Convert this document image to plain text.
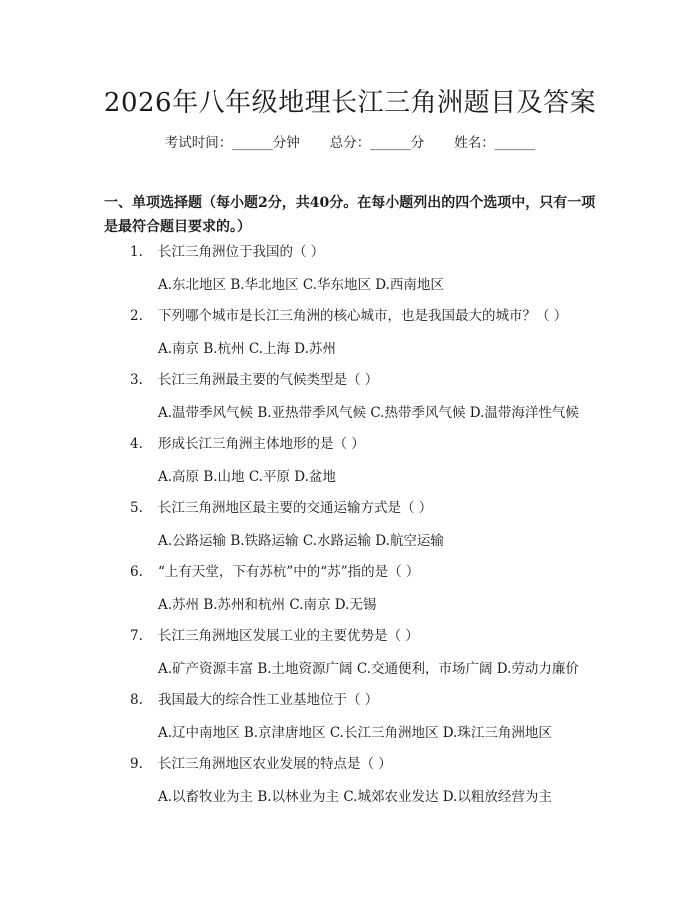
2026年八年级地理长江三角洲题目及答案
考试时间：______分钟 总分：______分 姓名：______

一、单项选择题（每小题2分，共40分。在每小题列出的四个选项中，只有一项是最符合题目要求的。）

1. 长江三角洲位于我国的（ ）
A.东北地区 B.华北地区 C.华东地区 D.西南地区
2. 下列哪个城市是长江三角洲的核心城市，也是我国最大的城市？（ ）
A.南京 B.杭州 C.上海 D.苏州
3. 长江三角洲最主要的气候类型是（ ）
A.温带季风气候 B.亚热带季风气候 C.热带季风气候 D.温带海洋性气候
4. 形成长江三角洲主体地形的是（ ）
A.高原 B.山地 C.平原 D.盆地
5. 长江三角洲地区最主要的交通运输方式是（ ）
A.公路运输 B.铁路运输 C.水路运输 D.航空运输
6. “上有天堂，下有苏杭”中的“苏”指的是（ ）
A.苏州 B.苏州和杭州 C.南京 D.无锡
7. 长江三角洲地区发展工业的主要优势是（ ）
A.矿产资源丰富 B.土地资源广阔 C.交通便利，市场广阔 D.劳动力廉价
8. 我国最大的综合性工业基地位于（ ）
A.辽中南地区 B.京津唐地区 C.长江三角洲地区 D.珠江三角洲地区
9. 长江三角洲地区农业发展的特点是（ ）
A.以畜牧业为主 B.以林业为主 C.城郊农业发达 D.以粗放经营为主
